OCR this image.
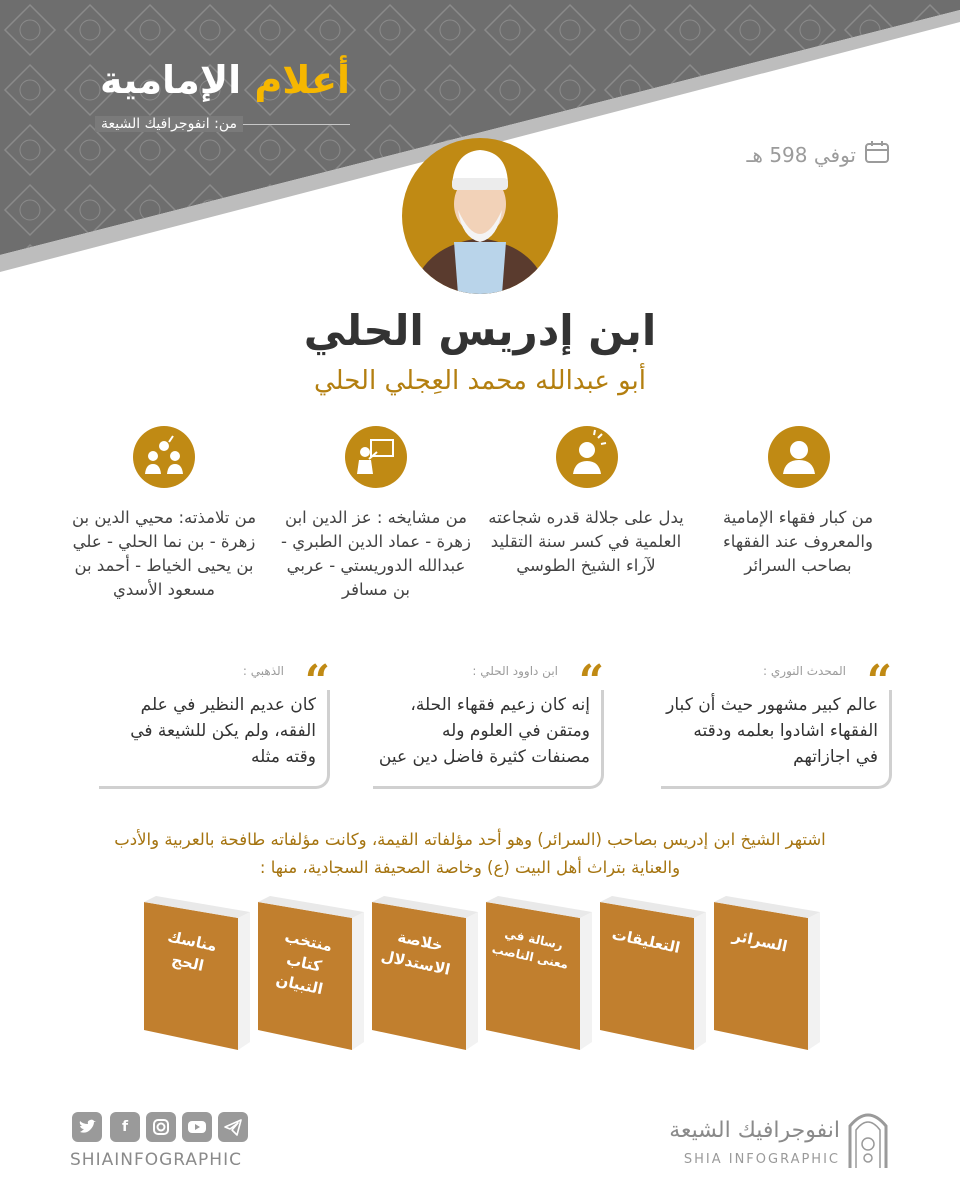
أعلام الإمامية
من: انفوجرافيك الشيعة
توفي 598 هـ
ابن إدريس الحلي
أبو عبدالله محمد العِجلي الحلي
من كبار فقهاء الإمامية والمعروف عند الفقهاء بصاحب السرائر
يدل على جلالة قدره شجاعته العلمية في كسر سنة التقليد لآراء الشيخ الطوسي
من مشايخه : عز الدين ابن زهرة - عماد الدين الطبري - عبدالله الدوريستي - عربي بن مسافر
من تلامذته: محيي الدين بن زهرة - بن نما الحلي - علي بن يحيى الخياط - أحمد بن مسعود الأسدي
“
المحدث النوري :
عالم كبير مشهور حيث أن كبار الفقهاء اشادوا بعلمه ودقته في اجازاتهم
“
ابن داوود الحلي :
إنه كان زعيم فقهاء الحلة، ومتقن في العلوم وله مصنفات كثيرة فاضل دين عين
“
الذهبي :
كان عديم النظير في علم الفقه، ولم يكن للشيعة في وقته مثله
اشتهر الشيخ ابن إدريس بصاحب (السرائر) وهو أحد مؤلفاته القيمة، وكانت مؤلفاته طافحة بالعربية والأدب والعناية بتراث أهل البيت (ع) وخاصة الصحيفة السجادية، منها :
السرائر
التعليقات
رسالة في معنى الناصب
خلاصة الاستدلال
منتخب كتاب التبيان
مناسك الحج
f
SHIAINFOGRAPHIC
انفوجرافيك الشيعة
SHIA INFOGRAPHIC
